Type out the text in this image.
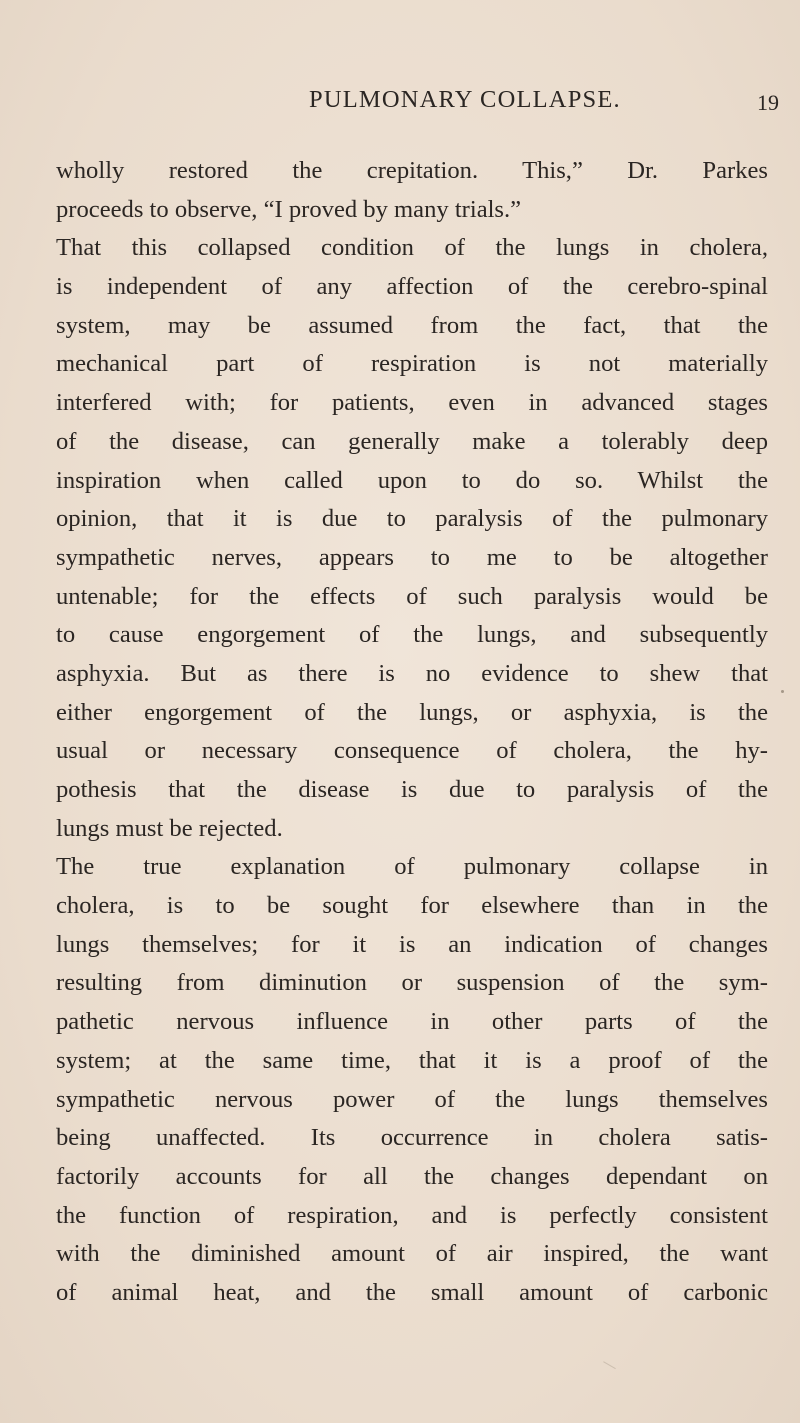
PULMONARY COLLAPSE.	19
wholly restored the crepitation. This,” Dr. Parkes
proceeds to observe, “I proved by many trials.”
That this collapsed condition of the lungs in cholera,
is independent of any affection of the cerebro-spinal
system, may be assumed from the fact, that the
mechanical part of respiration is not materially
interfered with; for patients, even in advanced stages
of the disease, can generally make a tolerably deep
inspiration when called upon to do so. Whilst the
opinion, that it is due to paralysis of the pulmonary
sympathetic nerves, appears to me to be altogether
untenable; for the effects of such paralysis would be
to cause engorgement of the lungs, and subsequently
asphyxia. But as there is no evidence to shew that
either engorgement of the lungs, or asphyxia, is the
usual or necessary consequence of cholera, the hy-
pothesis that the disease is due to paralysis of the
lungs must be rejected.
The true explanation of pulmonary collapse in
cholera, is to be sought for elsewhere than in the
lungs themselves; for it is an indication of changes
resulting from diminution or suspension of the sym-
pathetic nervous influence in other parts of the
system; at the same time, that it is a proof of the
sympathetic nervous power of the lungs themselves
being unaffected. Its occurrence in cholera satis-
factorily accounts for all the changes dependant on
the function of respiration, and is perfectly consistent
with the diminished amount of air inspired, the want
of animal heat, and the small amount of carbonic
